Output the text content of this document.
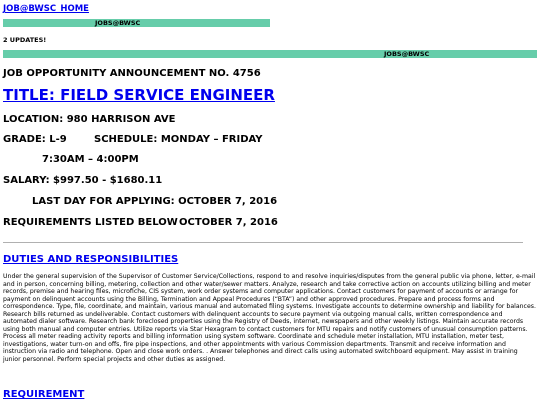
JOB@BWSC_HOME
JOBS@BWSC
2 UPDATES!
JOBS@BWSC
JOB OPPORTUNITY ANNOUNCEMENT NO. 4756
TITLE: FIELD SERVICE ENGINEER
LOCATION: 980 HARRISON AVE
GRADE: L-9	SCHEDULE: MONDAY – FRIDAY
7:30AM – 4:00PM
SALARY: $997.50 - $1680.11
LAST DAY FOR APPLYING: OCTOBER 7, 2016
REQUIREMENTS LISTED BELOW OCTOBER 7, 2016
DUTIES AND RESPONSIBILITIES

Under the general supervision of the Supervisor of Customer Service/Collections, respond to and resolve inquiries/disputes from the general public via phone, letter, e-mail and in person, concerning billing, metering, collection and other water/sewer matters. Analyze, research and take corrective action on accounts utilizing billing and meter records, premise and hearing files, microfiche, CIS system, work order systems and computer applications. Contact customers for payment of accounts or arrange for payment on delinquent accounts using the Billing, Termination and Appeal Procedures (“BTA”) and other approved procedures. Prepare and process forms and correspondence. Type, file, coordinate, and maintain, various manual and automated filing systems. Investigate accounts to determine ownership and liability for balances. Research bills returned as undeliverable. Contact customers with delinquent accounts to secure payment via outgoing manual calls, written correspondence and automated dialer software. Research bank foreclosed properties using the Registry of Deeds, internet, newspapers and other weekly listings. Maintain accurate records using both manual and computer entries. Utilize reports via Star Hexagram to contact customers for MTU repairs and notify customers of unusual consumption patterns. Process all meter reading activity reports and billing information using system software. Coordinate and schedule meter installation, MTU installation, meter test, investigations, water turn-on and offs, fire pipe inspections, and other appointments with various Commission departments. Transmit and receive information and instruction via radio and telephone. Open and close work orders. . Answer telephones and direct calls using automated switchboard equipment. May assist in training junior personnel. Perform special projects and other duties as assigned.

REQUIREMENT
